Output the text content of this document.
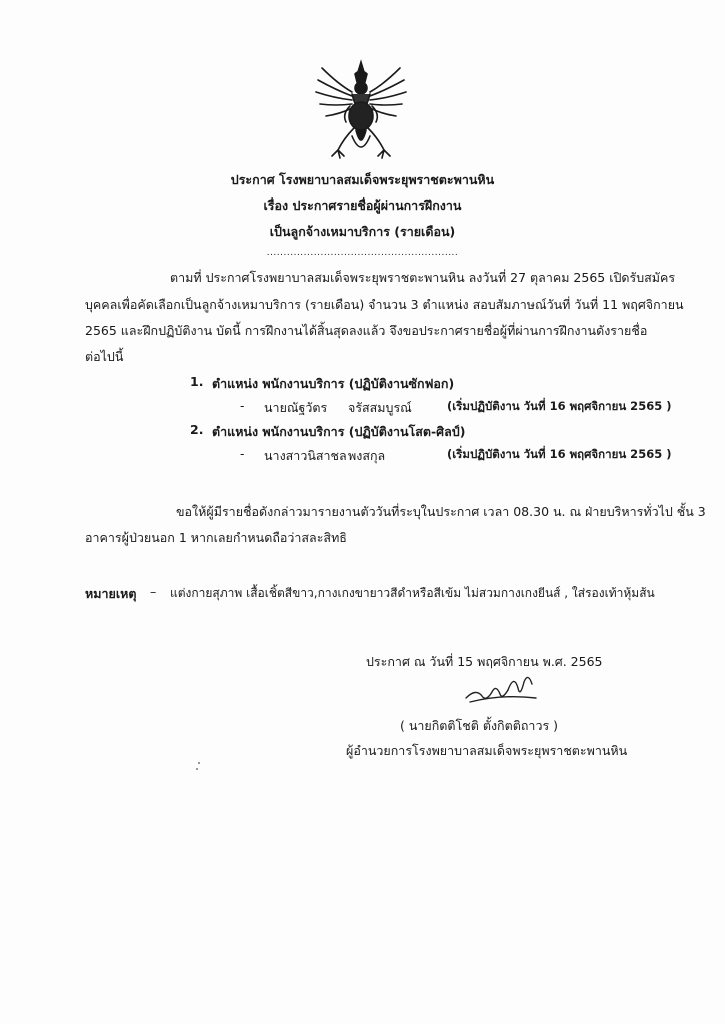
ประกาศ โรงพยาบาลสมเด็จพระยุพราชตะพานหิน
เรื่อง ประกาศรายชื่อผู้ผ่านการฝึกงาน
เป็นลูกจ้างเหมาบริการ (รายเดือน)
.........................................................
ตามที่ ประกาศโรงพยาบาลสมเด็จพระยุพราชตะพานหิน ลงวันที่ 27 ตุลาคม 2565 เปิดรับสมัคร
บุคคลเพื่อคัดเลือกเป็นลูกจ้างเหมาบริการ (รายเดือน) จำนวน 3 ตำแหน่ง สอบสัมภาษณ์วันที่ วันที่ 11 พฤศจิกายน
2565 และฝึกปฏิบัติงาน บัดนี้ การฝึกงานได้สิ้นสุดลงแล้ว จึงขอประกาศรายชื่อผู้ที่ผ่านการฝึกงานดังรายชื่อ
ต่อไปนี้
1. ตำแหน่ง พนักงานบริการ (ปฏิบัติงานซักฟอก)
- นายณัฐวัตร จรัสสมบูรณ์	(เริ่มปฏิบัติงาน วันที่ 16 พฤศจิกายน 2565 )
2. ตำแหน่ง พนักงานบริการ (ปฏิบัติงานโสต-ศิลป์)
- นางสาวนิสาชล พงสกุล	(เริ่มปฏิบัติงาน วันที่ 16 พฤศจิกายน 2565 )
ขอให้ผู้มีรายชื่อดังกล่าวมารายงานตัววันที่ระบุในประกาศ เวลา 08.30 น. ณ ฝ่ายบริหารทั่วไป ชั้น 3
อาคารผู้ป่วยนอก 1 หากเลยกำหนดถือว่าสละสิทธิ
หมายเหตุ – แต่งกายสุภาพ เสื้อเชิ้ตสีขาว,กางเกงขายาวสีดำหรือสีเข้ม ไม่สวมกางเกงยีนส์ , ใส่รองเท้าหุ้มส้น
ประกาศ ณ วันที่ 15 พฤศจิกายน พ.ศ. 2565
( นายกิตติโชติ ตั้งกิตติถาวร )
ผู้อำนวยการโรงพยาบาลสมเด็จพระยุพราชตะพานหิน
